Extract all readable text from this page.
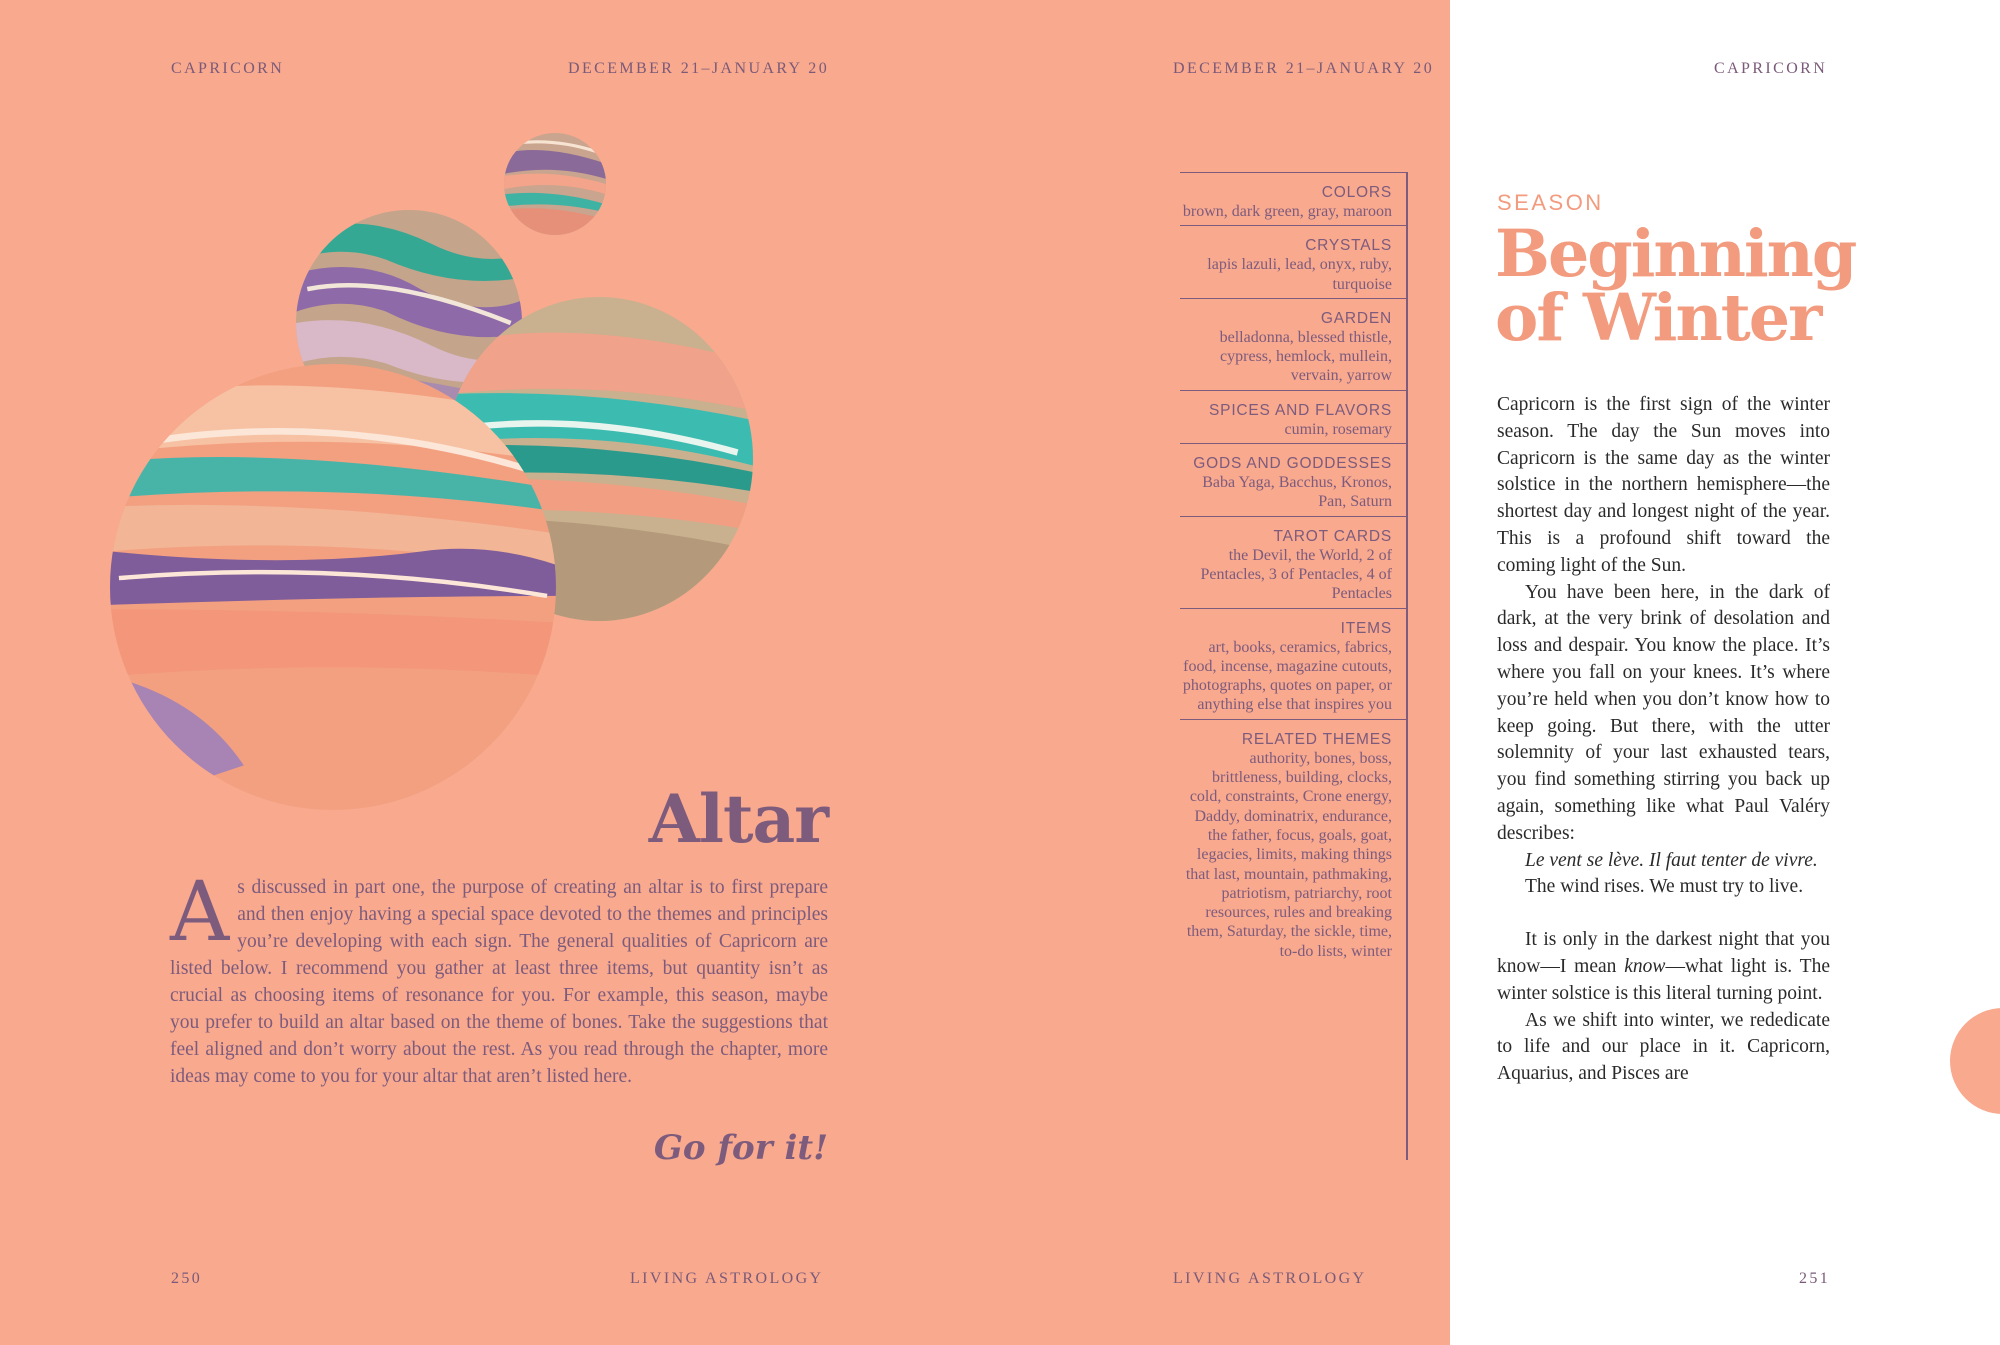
CAPRICORN	DECEMBER 21–JANUARY 20
Altar
As discussed in part one, the purpose of creating an altar is to first prepare and then enjoy having a special space devoted to the themes and principles you’re developing with each sign. The general qualities of Capricorn are listed below. I recommend you gather at least three items, but quantity isn’t as crucial as choosing items of resonance for you. For example, this season, maybe you prefer to build an altar based on the theme of bones. Take the suggestions that feel aligned and don’t worry about the rest. As you read through the chapter, more ideas may come to you for your altar that aren’t listed here.
Go for it!
250	LIVING ASTROLOGY
DECEMBER 21–JANUARY 20
COLORS
brown, dark green, gray, maroon
CRYSTALS
lapis lazuli, lead, onyx, ruby, turquoise
GARDEN
belladonna, blessed thistle, cypress, hemlock, mullein, vervain, yarrow
SPICES AND FLAVORS
cumin, rosemary
GODS AND GODDESSES
Baba Yaga, Bacchus, Kronos, Pan, Saturn
TAROT CARDS
the Devil, the World, 2 of Pentacles, 3 of Pentacles, 4 of Pentacles
ITEMS
art, books, ceramics, fabrics, food, incense, magazine cutouts, photographs, quotes on paper, or anything else that inspires you
RELATED THEMES
authority, bones, boss, brittleness, building, clocks, cold, constraints, Crone energy, Daddy, dominatrix, endurance, the father, focus, goals, goat, legacies, limits, making things that last, mountain, pathmaking, patriotism, patriarchy, root resources, rules and breaking them, Saturday, the sickle, time, to-do lists, winter
LIVING ASTROLOGY
CAPRICORN
SEASON
Beginning of Winter

Capricorn is the first sign of the winter season. The day the Sun moves into Capricorn is the same day as the winter solstice in the northern hemisphere—the shortest day and longest night of the year. This is a profound shift toward the coming light of the Sun.

You have been here, in the dark of dark, at the very brink of desolation and loss and despair. You know the place. It’s where you fall on your knees. It’s where you’re held when you don’t know how to keep going. But there, with the utter solemnity of your last exhausted tears, you find something stirring you back up again, something like what Paul Valéry describes:

Le vent se lève. Il faut tenter de vivre.

The wind rises. We must try to live.

It is only in the darkest night that you know—I mean know—what light is. The winter solstice is this literal turning point.

As we shift into winter, we rededicate to life and our place in it. Capricorn, Aquarius, and Pisces are

251
